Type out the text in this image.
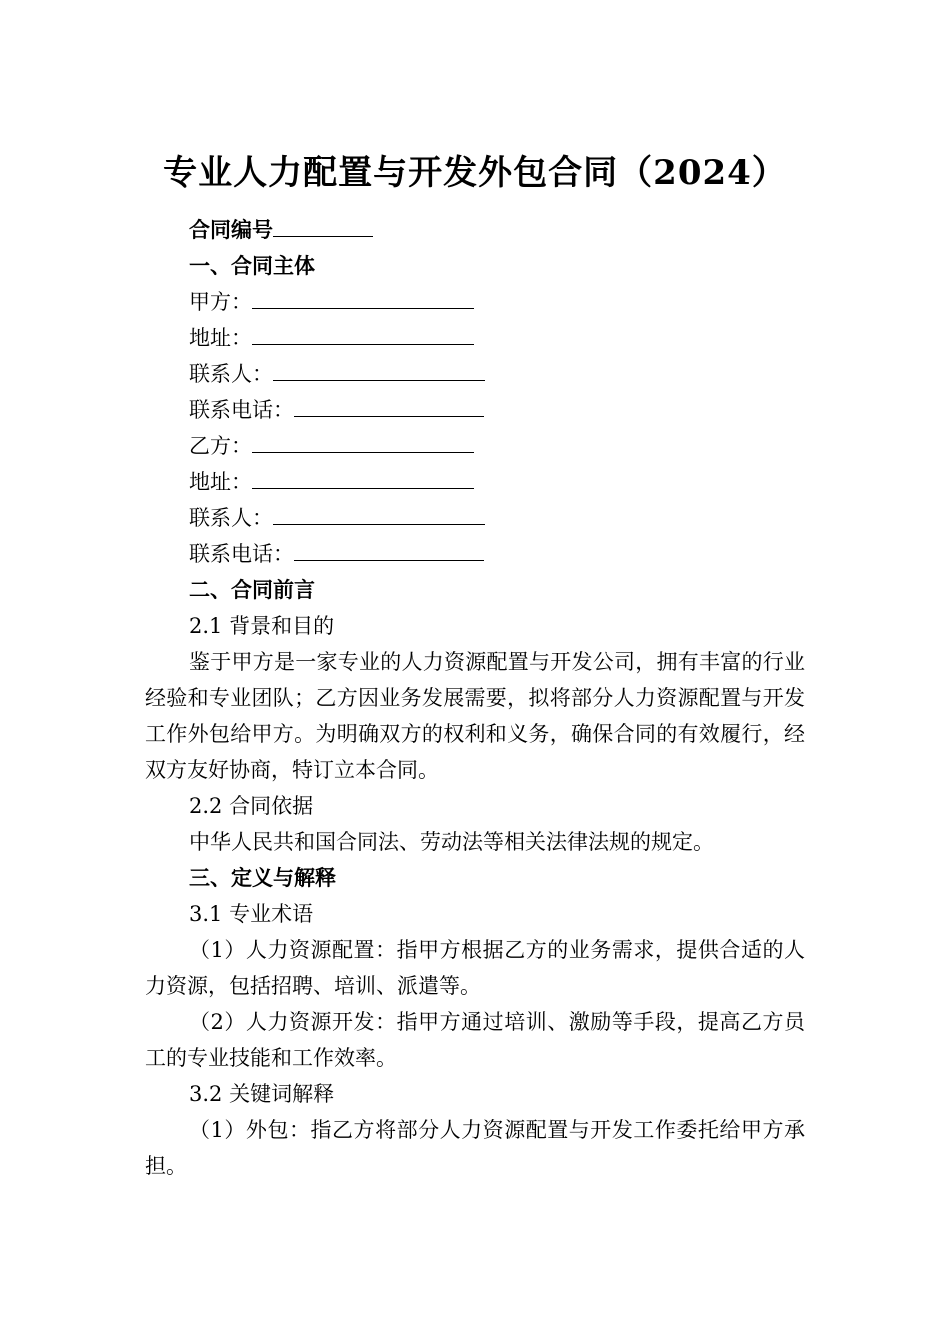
专业人力配置与开发外包合同（2024）
合同编号
一、合同主体
甲方：
地址：
联系人：
联系电话：
乙方：
地址：
联系人：
联系电话：
二、合同前言
2.1 背景和目的
鉴于甲方是一家专业的人力资源配置与开发公司，拥有丰富的行业经验和专业团队；乙方因业务发展需要，拟将部分人力资源配置与开发工作外包给甲方。为明确双方的权利和义务，确保合同的有效履行，经双方友好协商，特订立本合同。
2.2 合同依据
中华人民共和国合同法、劳动法等相关法律法规的规定。
三、定义与解释
3.1 专业术语
（1）人力资源配置：指甲方根据乙方的业务需求，提供合适的人力资源，包括招聘、培训、派遣等。
（2）人力资源开发：指甲方通过培训、激励等手段，提高乙方员工的专业技能和工作效率。
3.2 关键词解释
（1）外包：指乙方将部分人力资源配置与开发工作委托给甲方承担。
